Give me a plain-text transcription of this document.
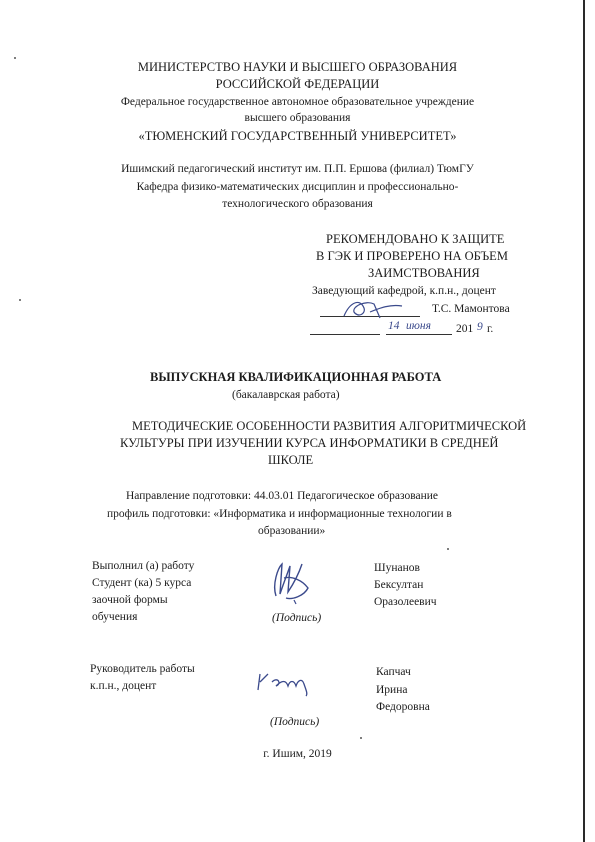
МИНИСТЕРСТВО НАУКИ И ВЫСШЕГО ОБРАЗОВАНИЯ
РОССИЙСКОЙ ФЕДЕРАЦИИ
Федеральное государственное автономное образовательное учреждение
высшего образования
«ТЮМЕНСКИЙ ГОСУДАРСТВЕННЫЙ УНИВЕРСИТЕТ»
Ишимский педагогический институт им. П.П. Ершова (филиал) ТюмГУ
Кафедра физико-математических дисциплин и профессионально-
технологического образования
РЕКОМЕНДОВАНО К ЗАЩИТЕ
В ГЭК И ПРОВЕРЕНО НА ОБЪЕМ
ЗАИМСТВОВАНИЯ
Заведующий кафедрой, к.п.н., доцент
Т.С. Мамонтова
14 июня 201 9 г.
ВЫПУСКНАЯ КВАЛИФИКАЦИОННАЯ РАБОТА
(бакалаврская работа)
МЕТОДИЧЕСКИЕ ОСОБЕННОСТИ РАЗВИТИЯ АЛГОРИТМИЧЕСКОЙ
КУЛЬТУРЫ ПРИ ИЗУЧЕНИИ КУРСА ИНФОРМАТИКИ В СРЕДНЕЙ
ШКОЛЕ
Направление подготовки: 44.03.01 Педагогическое образование
профиль подготовки: «Информатика и информационные технологии в
образовании»
Выполнил (а) работу
Студент (ка) 5 курса
заочной формы
обучения	(Подпись)
Шунанов
Бексултан
Оразолеевич
Руководитель работы
к.п.н., доцент
(Подпись)
Капчач
Ирина
Федоровна
г. Ишим, 2019
